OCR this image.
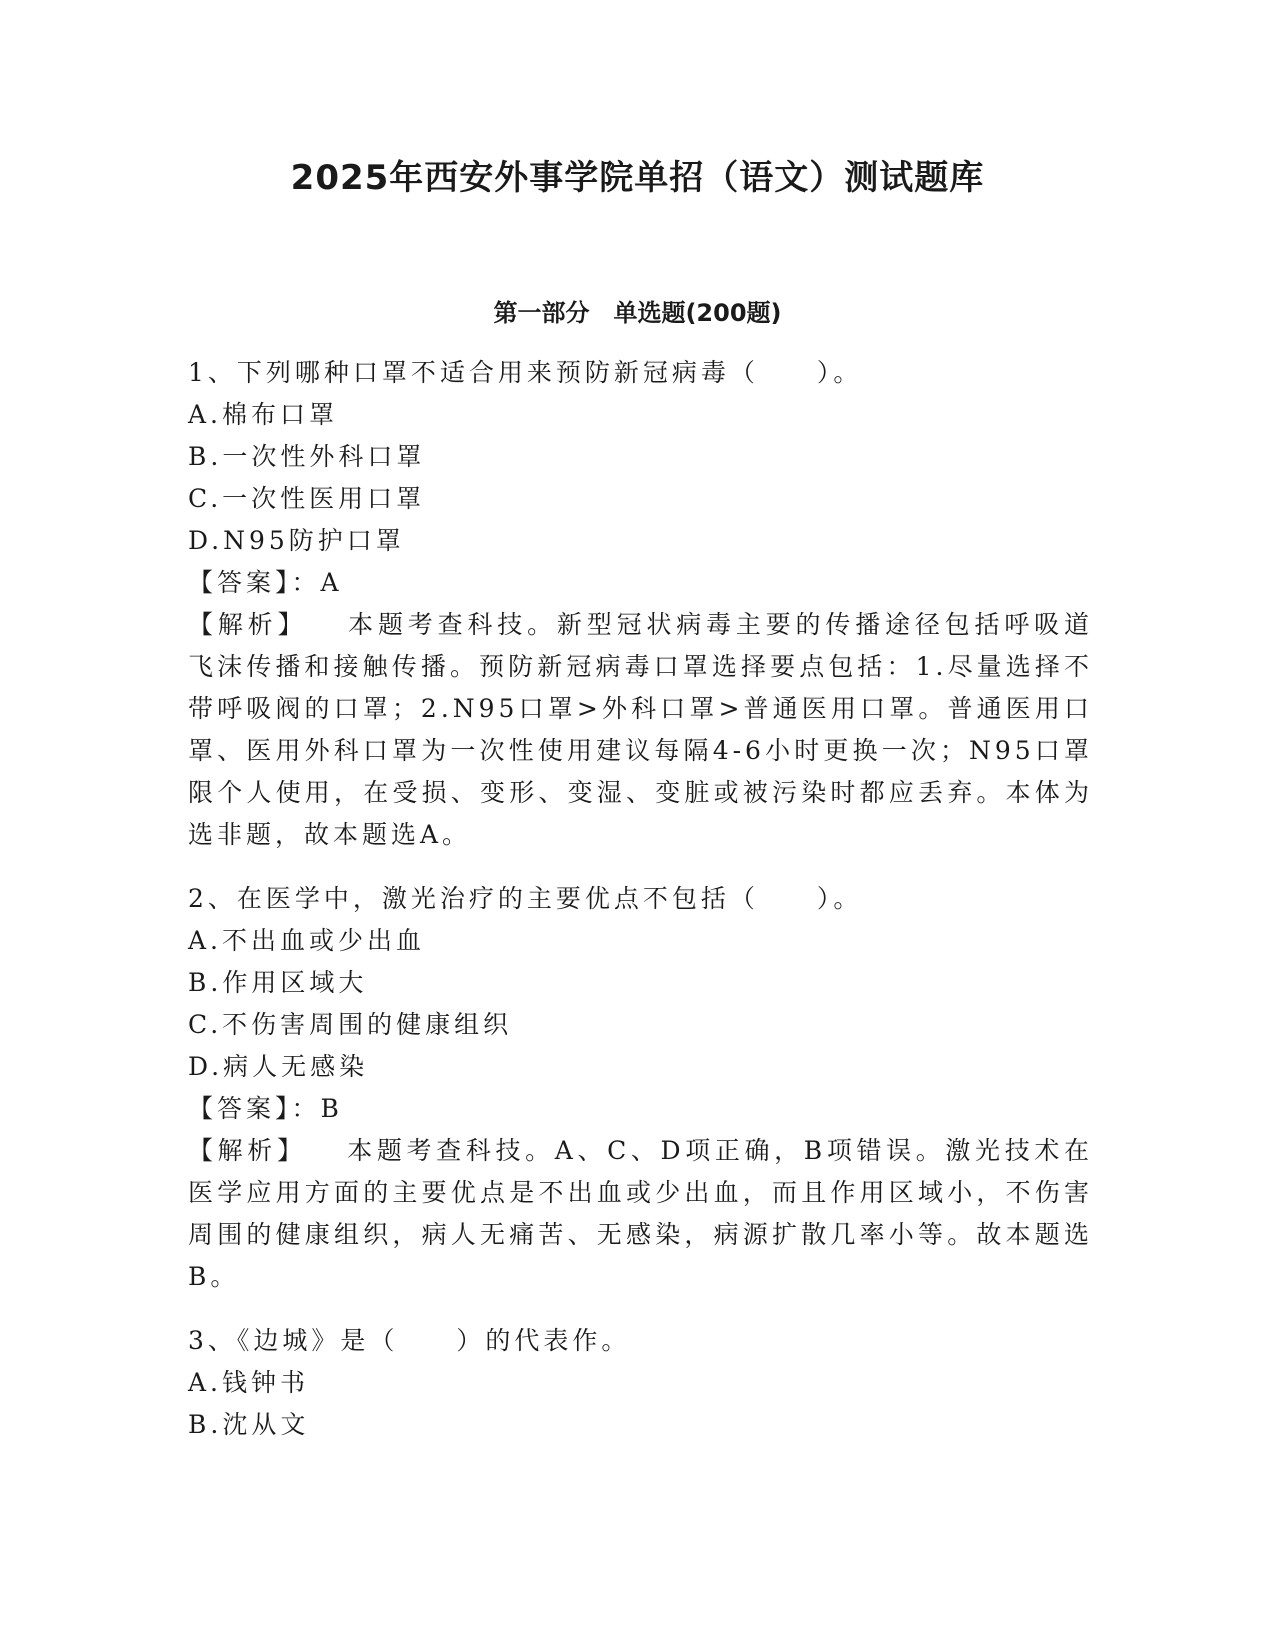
2025年西安外事学院单招（语文）测试题库
第一部分　单选题(200题)
1、下列哪种口罩不适合用来预防新冠病毒（　　）。
A.棉布口罩
B.一次性外科口罩
C.一次性医用口罩
D.N95防护口罩
【答案】：A
【解析】 本题考查科技。新型冠状病毒主要的传播途径包括呼吸道飞沫传播和接触传播。预防新冠病毒口罩选择要点包括：1.尽量选择不带呼吸阀的口罩；2.N95口罩>外科口罩>普通医用口罩。普通医用口罩、医用外科口罩为一次性使用建议每隔4-6小时更换一次；N95口罩限个人使用，在受损、变形、变湿、变脏或被污染时都应丢弃。本体为选非题，故本题选A。
2、在医学中，激光治疗的主要优点不包括（　　）。
A.不出血或少出血
B.作用区域大
C.不伤害周围的健康组织
D.病人无感染
【答案】：B
【解析】 本题考查科技。A、C、D项正确，B项错误。激光技术在医学应用方面的主要优点是不出血或少出血，而且作用区域小，不伤害周围的健康组织，病人无痛苦、无感染，病源扩散几率小等。故本题选B。
3、《边城》是（　　）的代表作。
A.钱钟书
B.沈从文
